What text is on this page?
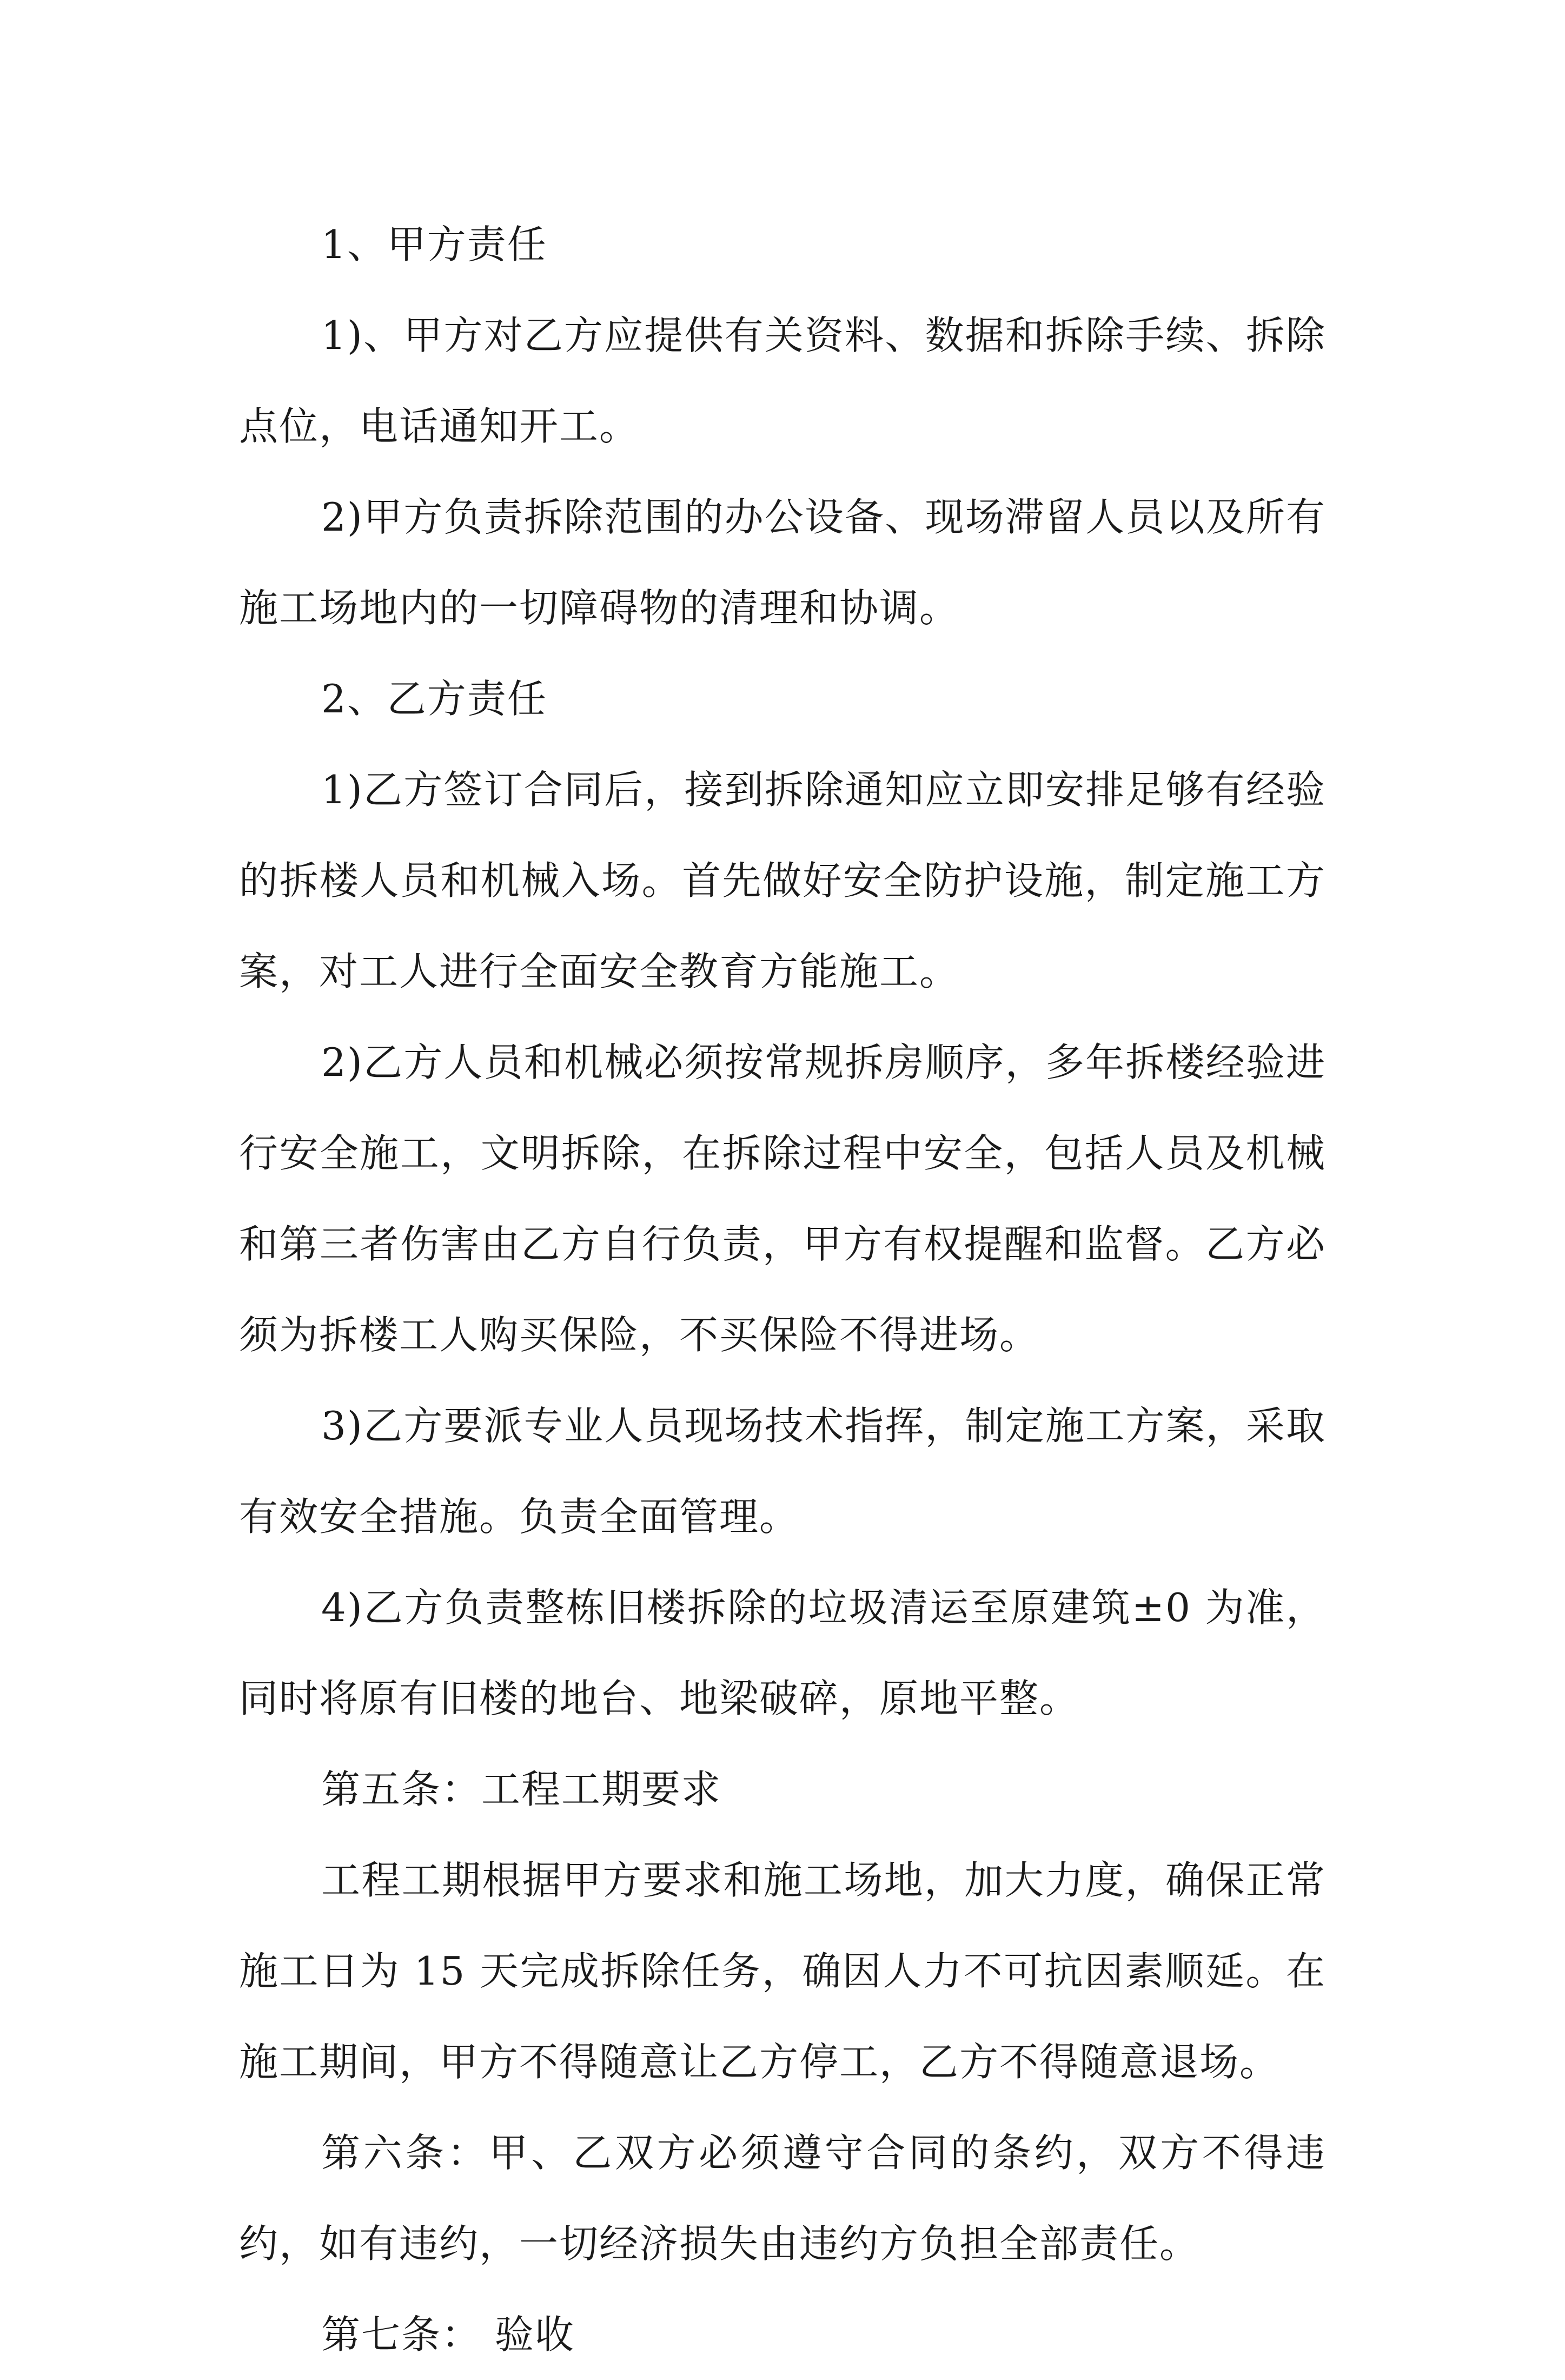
1、甲方责任

1)、甲方对乙方应提供有关资料、数据和拆除手续、拆除点位，电话通知开工。

2)甲方负责拆除范围的办公设备、现场滞留人员以及所有施工场地内的一切障碍物的清理和协调。

2、乙方责任

1)乙方签订合同后，接到拆除通知应立即安排足够有经验的拆楼人员和机械入场。首先做好安全防护设施，制定施工方案，对工人进行全面安全教育方能施工。

2)乙方人员和机械必须按常规拆房顺序，多年拆楼经验进行安全施工，文明拆除，在拆除过程中安全，包括人员及机械和第三者伤害由乙方自行负责，甲方有权提醒和监督。乙方必须为拆楼工人购买保险，不买保险不得进场。

3)乙方要派专业人员现场技术指挥，制定施工方案，采取有效安全措施。负责全面管理。

4)乙方负责整栋旧楼拆除的垃圾清运至原建筑±0 为准，同时将原有旧楼的地台、地梁破碎，原地平整。

第五条：工程工期要求

工程工期根据甲方要求和施工场地，加大力度，确保正常施工日为 15 天完成拆除任务，确因人力不可抗因素顺延。在施工期间，甲方不得随意让乙方停工，乙方不得随意退场。

第六条：甲、乙双方必须遵守合同的条约，双方不得违约，如有违约，一切经济损失由违约方负担全部责任。

第七条： 验收
